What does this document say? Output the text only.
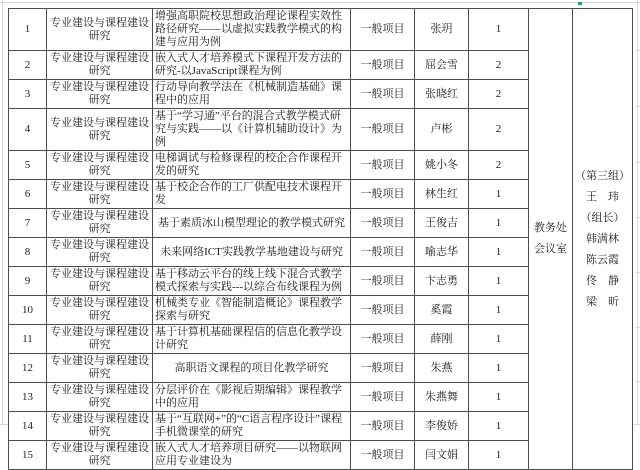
1	专业建设与课程建设研究	增强高职院校思想政治理论课程实效性路径研究——以虚拟实践教学模式的构建与应用为例	一般项目	张玥	1	
教务处
会议室

（第三组）
王　玮
（组长）
韩满林
陈云霞
佟　静
梁　昕

2	专业建设与课程建设研究	嵌入式人才培养模式下课程开发方法的研究-以JavaScript课程为例	一般项目	屈会雪	2		
3	专业建设与课程建设研究	行动导向教学法在《机械制造基础》课程中的应用	一般项目	张晓红	2		
4	专业建设与课程建设研究	基于“学习通”平台的混合式教学模式研究与实践——以《计算机辅助设计》为例	一般项目	卢彬	2		
5	专业建设与课程建设研究	电梯调试与检修课程的校企合作课程开发的研究	一般项目	姚小冬	2		
6	专业建设与课程建设研究	基于校企合作的工厂供配电技术课程开发	一般项目	林生红	1		
7	专业建设与课程建设研究	基于素质冰山模型理论的教学模式研究	一般项目	王俊吉	1		
8	专业建设与课程建设研究	未来网络ICT实践教学基地建设与研究	一般项目	喻志华	1		
9	专业建设与课程建设研究	基于移动云平台的线上线下混合式教学模式探索与实践---以综合布线课程为例	一般项目	卞志勇	1		
10	专业建设与课程建设研究	机械类专业《智能制造概论》课程教学探索与研究	一般项目	奚霞	1		
11	专业建设与课程建设研究	基于计算机基础课程信的信息化教学设计研究	一般项目	薛刚	1		
12	专业建设与课程建设研究	高职语文课程的项目化教学研究	一般项目	朱燕	1		
13	专业建设与课程建设研究	分层评价在《影视后期编辑》课程教学中的应用	一般项目	朱燕舞	1		
14	专业建设与课程建设研究	基于“互联网+”的“C语言程序设计”课程手机微课堂的研究	一般项目	李俊娇	1		
15	专业建设与课程建设研究	嵌入式人才培养项目研究——以物联网应用专业建设为	一般项目	闫文娟	1		
